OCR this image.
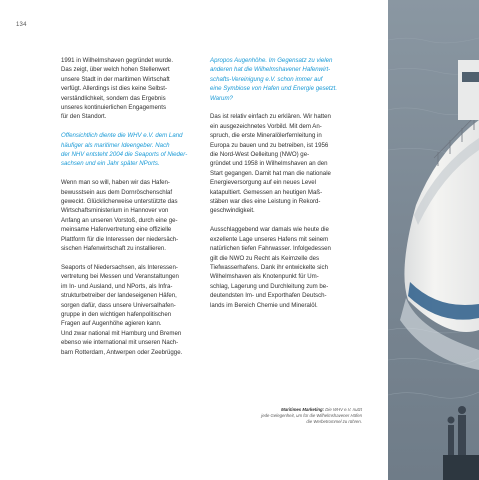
134

1991 in Wilhelmshaven gegründet wurde.
Das zeigt, über welch hohen Stellenwert
unsere Stadt in der maritimen Wirtschaft
verfügt. Allerdings ist dies keine Selbst-
verständlichkeit, sondern das Ergebnis
unseres kontinuierlichen Engagements
für den Standort.

Offensichtlich diente die WHV e.V. dem Land
häufiger als maritimer Ideengeber. Nach
der NHV entsteht 2004 die Seaports of Nieder-
sachsen und ein Jahr später NPorts.

Wenn man so will, haben wir das Hafen-
bewusstsein aus dem Dornröschenschlaf
geweckt. Glücklicherweise unterstützte das
Wirtschaftsministerium in Hannover von
Anfang an unseren Vorstoß, durch eine ge-
meinsame Hafenvertretung eine offizielle
Plattform für die Interessen der niedersäch-
sischen Hafenwirtschaft zu installieren.

Seaports of Niedersachsen, als Interessen-
vertretung bei Messen und Veranstaltungen
im In- und Ausland, und NPorts, als Infra-
strukturbetreiber der landeseigenen Häfen,
sorgen dafür, dass unsere Universalhafen-
gruppe in den wichtigen hafenpolitischen
Fragen auf Augenhöhe agieren kann.
Und zwar national mit Hamburg und Bremen
ebenso wie international mit unseren Nach-
barn Rotterdam, Antwerpen oder Zeebrügge.

Apropos Augenhöhe. Im Gegensatz zu vielen
anderen hat die Wilhelmshavener Hafenwirt-
schafts-Vereinigung e.V. schon immer auf
eine Symbiose von Hafen und Energie gesetzt.
Warum?

Das ist relativ einfach zu erklären. Wir hatten
ein ausgezeichnetes Vorbild. Mit dem An-
spruch, die erste Mineralölerfernleitung in
Europa zu bauen und zu betreiben, ist 1956
die Nord-West Oelleitung (NWO) ge-
gründet und 1958 in Wilhelmshaven an den
Start gegangen. Damit hat man die nationale
Energieversorgung auf ein neues Level
katapultiert. Gemessen an heutigen Maß-
stäben war dies eine Leistung in Rekord-
geschwindigkeit.

Ausschlaggebend war damals wie heute die
exzellente Lage unseres Hafens mit seinem
natürlichen tiefen Fahrwasser. Infolgedessen
gilt die NWO zu Recht als Keimzelle des
Tiefwasserhafens. Dank ihr entwickelte sich
Wilhelmshaven als Knotenpunkt für Um-
schlag, Lagerung und Durchleitung zum be-
deutendsten Im- und Exporthafen Deutsch-
lands im Bereich Chemie und Mineralöl.

Maritimes Marketing: Die WHV e.V. nutzt
jede Gelegenheit, um für die Wilhelmshavener Häfen
die Werbetrommel zu rühren.
